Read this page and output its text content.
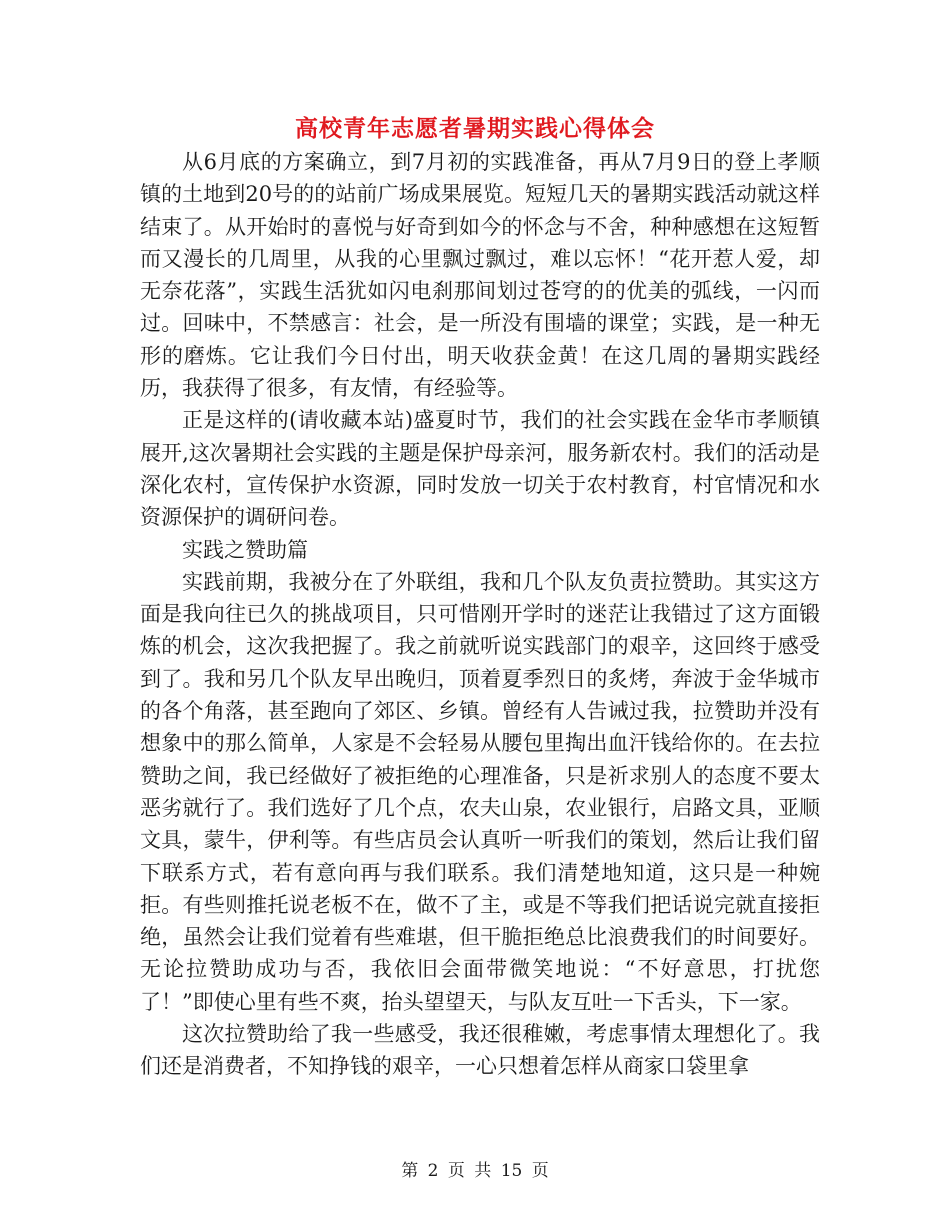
高校青年志愿者暑期实践心得体会

从6月底的方案确立，到7月初的实践准备，再从7月9日的登上孝顺镇的土地到20号的的站前广场成果展览。短短几天的暑期实践活动就这样结束了。从开始时的喜悦与好奇到如今的怀念与不舍，种种感想在这短暂而又漫长的几周里，从我的心里飘过飘过，难以忘怀！“花开惹人爱，却无奈花落”，实践生活犹如闪电刹那间划过苍穹的的优美的弧线，一闪而过。回味中，不禁感言：社会，是一所没有围墙的课堂；实践，是一种无形的磨炼。它让我们今日付出，明天收获金黄！在这几周的暑期实践经历，我获得了很多，有友情，有经验等。

正是这样的(请收藏本站)盛夏时节，我们的社会实践在金华市孝顺镇展开,这次暑期社会实践的主题是保护母亲河，服务新农村。我们的活动是深化农村，宣传保护水资源，同时发放一切关于农村教育，村官情况和水资源保护的调研问卷。

实践之赞助篇

实践前期，我被分在了外联组，我和几个队友负责拉赞助。其实这方面是我向往已久的挑战项目，只可惜刚开学时的迷茫让我错过了这方面锻炼的机会，这次我把握了。我之前就听说实践部门的艰辛，这回终于感受到了。我和另几个队友早出晚归，顶着夏季烈日的炙烤，奔波于金华城市的各个角落，甚至跑向了郊区、乡镇。曾经有人告诫过我，拉赞助并没有想象中的那么简单，人家是不会轻易从腰包里掏出血汗钱给你的。在去拉赞助之间，我已经做好了被拒绝的心理准备，只是祈求别人的态度不要太恶劣就行了。我们选好了几个点，农夫山泉，农业银行，启路文具，亚顺文具，蒙牛，伊利等。有些店员会认真听一听我们的策划，然后让我们留下联系方式，若有意向再与我们联系。我们清楚地知道，这只是一种婉拒。有些则推托说老板不在，做不了主，或是不等我们把话说完就直接拒绝，虽然会让我们觉着有些难堪，但干脆拒绝总比浪费我们的时间要好。无论拉赞助成功与否，我依旧会面带微笑地说：“不好意思，打扰您了！”即使心里有些不爽，抬头望望天，与队友互吐一下舌头，下一家。

这次拉赞助给了我一些感受，我还很稚嫩，考虑事情太理想化了。我们还是消费者，不知挣钱的艰辛，一心只想着怎样从商家口袋里拿

第 2 页 共 15 页
